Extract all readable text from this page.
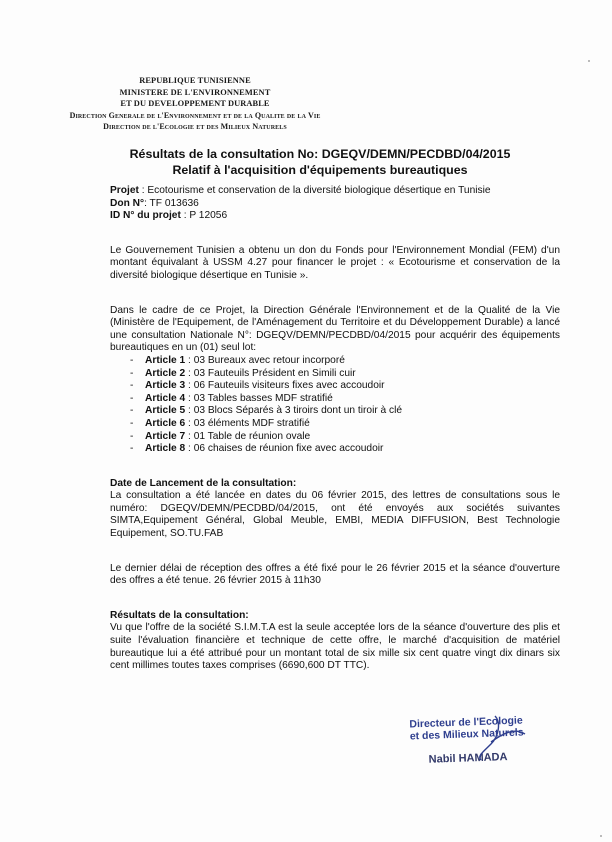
REPUBLIQUE TUNISIENNE
MINISTERE DE L'ENVIRONNEMENT
ET DU DEVELOPPEMENT DURABLE
Direction Generale de l'Environnement et de la Qualite de la Vie
Direction de l'Ecologie et des Milieux Naturels
Résultats de la consultation No: DGEQV/DEMN/PECDBD/04/2015
Relatif à l'acquisition d'équipements bureautiques
Projet : Ecotourisme et conservation de la diversité biologique désertique en Tunisie
Don N°: TF 013636
ID N° du projet : P 12056

Le Gouvernement Tunisien a obtenu un don du Fonds pour l'Environnement Mondial (FEM) d'un montant équivalant à USSM 4.27 pour financer le projet : « Ecotourisme et conservation de la diversité biologique désertique en Tunisie ».

Dans le cadre de ce Projet, la Direction Générale l'Environnement et de la Qualité de la Vie (Ministère de l'Equipement, de l'Aménagement du Territoire et du Développement Durable) a lancé une consultation Nationale N°: DGEQV/DEMN/PECDBD/04/2015 pour acquérir des équipements bureautiques en un (01) seul lot:

- Article 1 : 03 Bureaux avec retour incorporé
- Article 2 : 03 Fauteuils Président en Simili cuir
- Article 3 : 06 Fauteuils visiteurs fixes avec accoudoir
- Article 4 : 03 Tables basses MDF stratifié
- Article 5 : 03 Blocs Séparés à 3 tiroirs dont un tiroir à clé
- Article 6 : 03 éléments MDF stratifié
- Article 7 : 01 Table de réunion ovale
- Article 8 : 06 chaises de réunion fixe avec accoudoir
Date de Lancement de la consultation:

La consultation a été lancée en dates du 06 février 2015, des lettres de consultations sous le numéro: DGEQV/DEMN/PECDBD/04/2015, ont été envoyés aux sociétés suivantes SIMTA,Equipement Général, Global Meuble, EMBI, MEDIA DIFFUSION, Best Technologie Equipement, SO.TU.FAB

Le dernier délai de réception des offres a été fixé pour le 26 février 2015 et la séance d'ouverture des offres a été tenue. 26 février 2015 à 11h30

Résultats de la consultation:

Vu que l'offre de la société S.I.M.T.A est la seule acceptée lors de la séance d'ouverture des plis et suite l'évaluation financière et technique de cette offre, le marché d'acquisition de matériel bureautique lui a été attribué pour un montant total de six mille six cent quatre vingt dix dinars six cent millimes toutes taxes comprises (6690,600 DT TTC).

Directeur de l'Ecologie
et des Milieux Naturels
Nabil HAMADA
